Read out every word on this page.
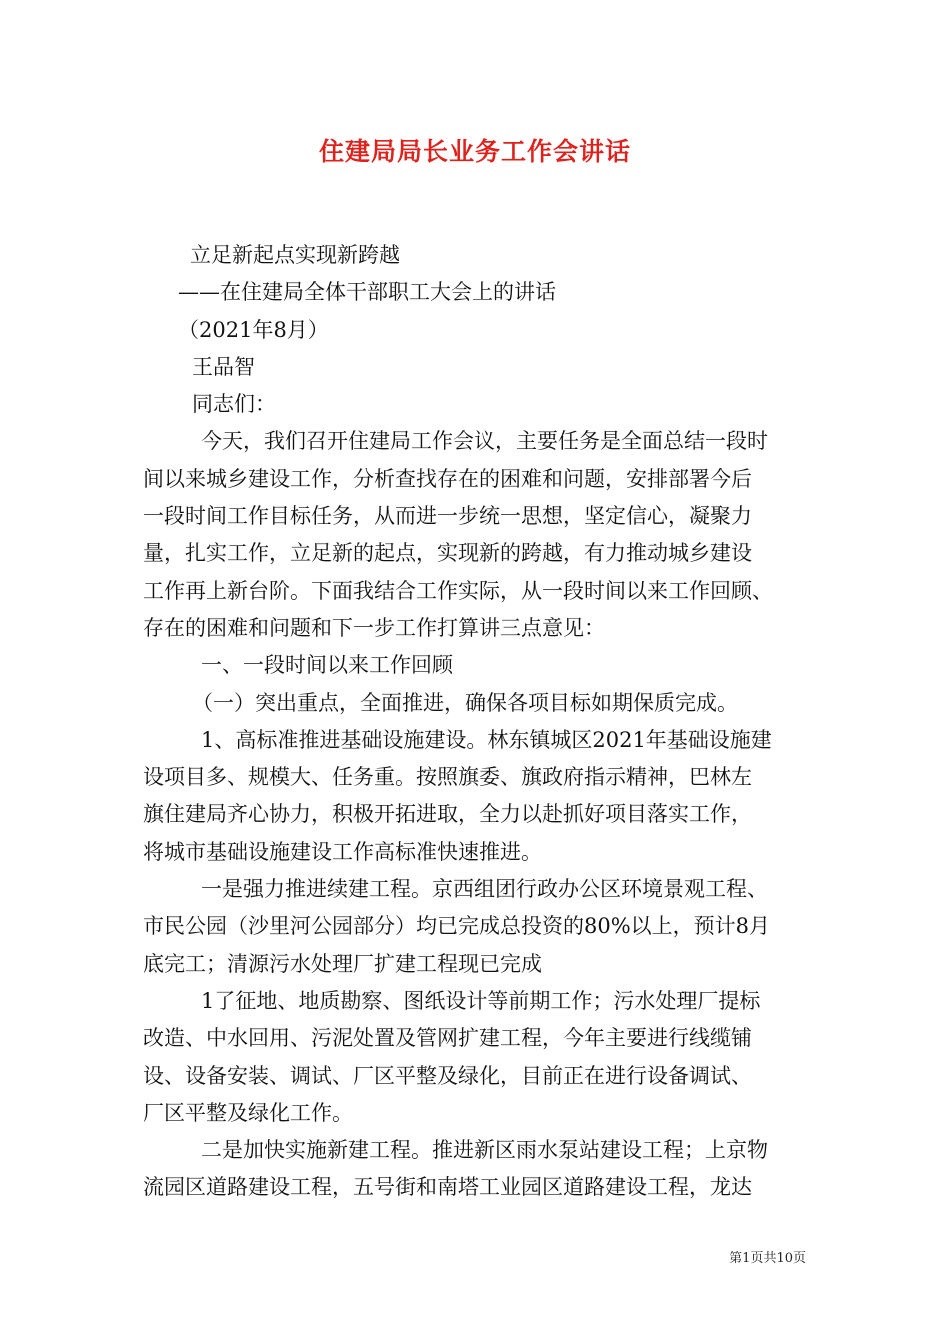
住建局局长业务工作会讲话

立足新起点实现新跨越

——在住建局全体干部职工大会上的讲话

（2021年8月）

王品智

同志们：

今天，我们召开住建局工作会议，主要任务是全面总结一段时

间以来城乡建设工作，分析查找存在的困难和问题，安排部署今后

一段时间工作目标任务，从而进一步统一思想，坚定信心，凝聚力

量，扎实工作，立足新的起点，实现新的跨越，有力推动城乡建设

工作再上新台阶。下面我结合工作实际，从一段时间以来工作回顾、

存在的困难和问题和下一步工作打算讲三点意见：

一、一段时间以来工作回顾

（一）突出重点，全面推进，确保各项目标如期保质完成。

1、高标准推进基础设施建设。林东镇城区2021年基础设施建

设项目多、规模大、任务重。按照旗委、旗政府指示精神，巴林左

旗住建局齐心协力，积极开拓进取，全力以赴抓好项目落实工作，

将城市基础设施建设工作高标准快速推进。

一是强力推进续建工程。京西组团行政办公区环境景观工程、

市民公园（沙里河公园部分）均已完成总投资的80%以上，预计8月

底完工；清源污水处理厂扩建工程现已完成

1了征地、地质勘察、图纸设计等前期工作；污水处理厂提标

改造、中水回用、污泥处置及管网扩建工程，今年主要进行线缆铺

设、设备安装、调试、厂区平整及绿化，目前正在进行设备调试、

厂区平整及绿化工作。

二是加快实施新建工程。推进新区雨水泵站建设工程；上京物

流园区道路建设工程，五号街和南塔工业园区道路建设工程，龙达

第1页共10页
